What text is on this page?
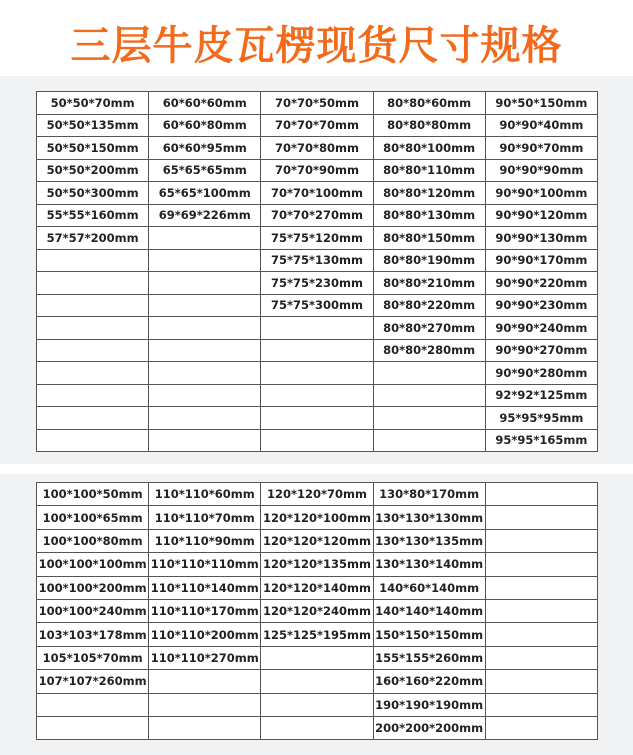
三层牛皮瓦楞现货尺寸规格
50*50*70mm	60*60*60mm	70*70*50mm	80*80*60mm	90*50*150mm
50*50*135mm	60*60*80mm	70*70*70mm	80*80*80mm	90*90*40mm
50*50*150mm	60*60*95mm	70*70*80mm	80*80*100mm	90*90*70mm
50*50*200mm	65*65*65mm	70*70*90mm	80*80*110mm	90*90*90mm
50*50*300mm	65*65*100mm	70*70*100mm	80*80*120mm	90*90*100mm
55*55*160mm	69*69*226mm	70*70*270mm	80*80*130mm	90*90*120mm
57*57*200mm		75*75*120mm	80*80*150mm	90*90*130mm
		75*75*130mm	80*80*190mm	90*90*170mm
		75*75*230mm	80*80*210mm	90*90*220mm
		75*75*300mm	80*80*220mm	90*90*230mm
			80*80*270mm	90*90*240mm
			80*80*280mm	90*90*270mm
				90*90*280mm
				92*92*125mm
				95*95*95mm
				95*95*165mm
100*100*50mm	110*110*60mm	120*120*70mm	130*80*170mm	
100*100*65mm	110*110*70mm	120*120*100mm	130*130*130mm	
100*100*80mm	110*110*90mm	120*120*120mm	130*130*135mm	
100*100*100mm	110*110*110mm	120*120*135mm	130*130*140mm	
100*100*200mm	110*110*140mm	120*120*140mm	140*60*140mm	
100*100*240mm	110*110*170mm	120*120*240mm	140*140*140mm	
103*103*178mm	110*110*200mm	125*125*195mm	150*150*150mm	
105*105*70mm	110*110*270mm		155*155*260mm	
107*107*260mm			160*160*220mm	
			190*190*190mm	
			200*200*200mm	
